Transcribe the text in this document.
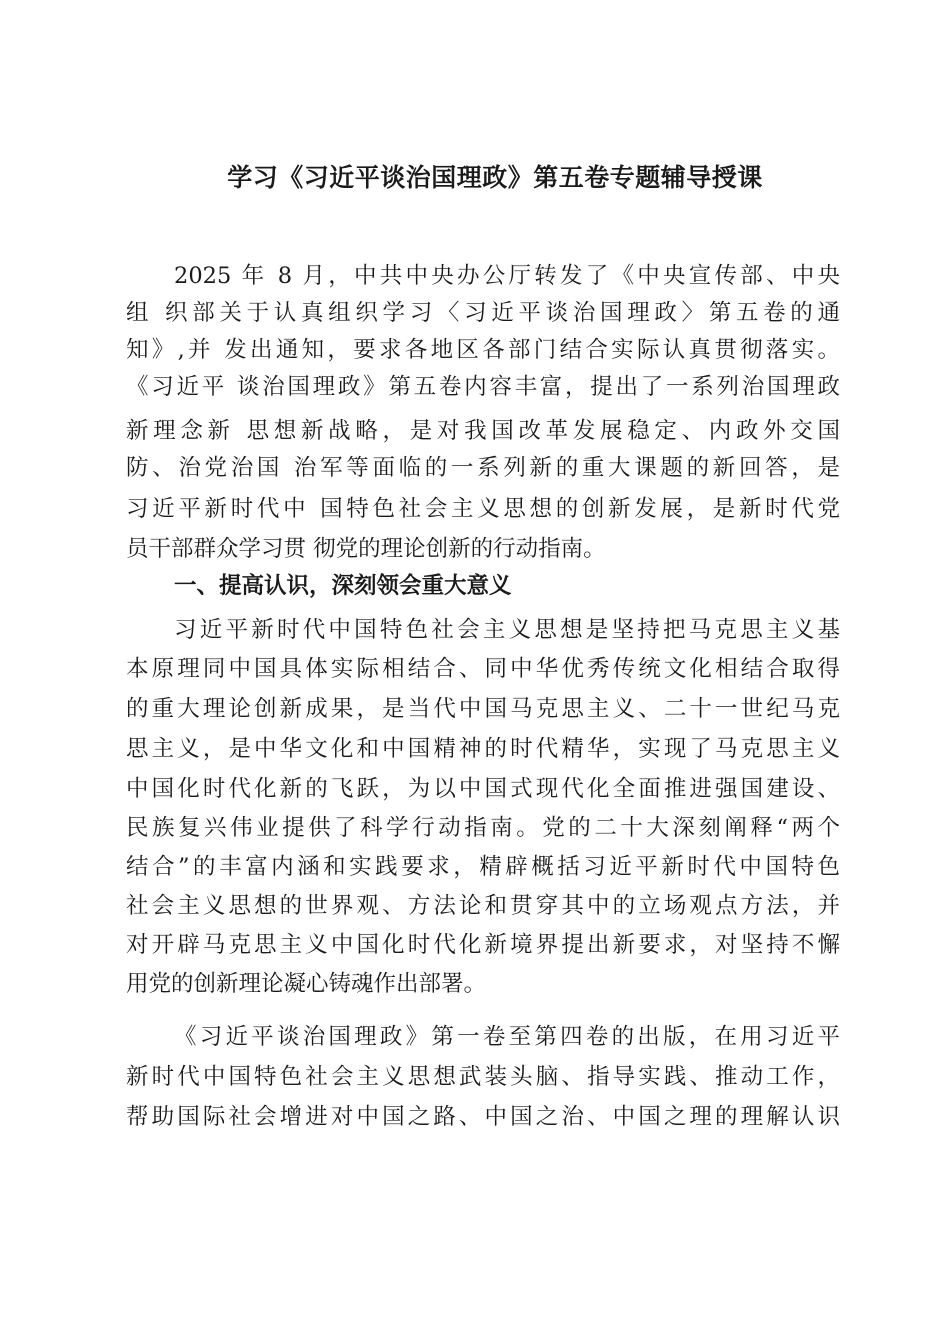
学习《习近平谈治国理政》第五卷专题辅导授课
2025 年 8 月，中共中央办公厅转发了《中央宣传部、中央
组 织部关于认真组织学习〈习近平谈治国理政〉第五卷的通
知》,并 发出通知，要求各地区各部门结合实际认真贯彻落实。
《习近平 谈治国理政》第五卷内容丰富，提出了一系列治国理政
新理念新 思想新战略，是对我国改革发展稳定、内政外交国
防、治党治国 治军等面临的一系列新的重大课题的新回答，是
习近平新时代中 国特色社会主义思想的创新发展，是新时代党
员干部群众学习贯 彻党的理论创新的行动指南。
一、提高认识，深刻领会重大意义
习近平新时代中国特色社会主义思想是坚持把马克思主义基
本原理同中国具体实际相结合、同中华优秀传统文化相结合取得
的重大理论创新成果，是当代中国马克思主义、二十一世纪马克
思主义，是中华文化和中国精神的时代精华，实现了马克思主义
中国化时代化新的飞跃，为以中国式现代化全面推进强国建设、
民族复兴伟业提供了科学行动指南。党的二十大深刻阐释“两个
结合”的丰富内涵和实践要求，精辟概括习近平新时代中国特色
社会主义思想的世界观、方法论和贯穿其中的立场观点方法，并
对开辟马克思主义中国化时代化新境界提出新要求，对坚持不懈
用党的创新理论凝心铸魂作出部署。
《习近平谈治国理政》第一卷至第四卷的出版，在用习近平
新时代中国特色社会主义思想武装头脑、指导实践、推动工作，
帮助国际社会增进对中国之路、中国之治、中国之理的理解认识
